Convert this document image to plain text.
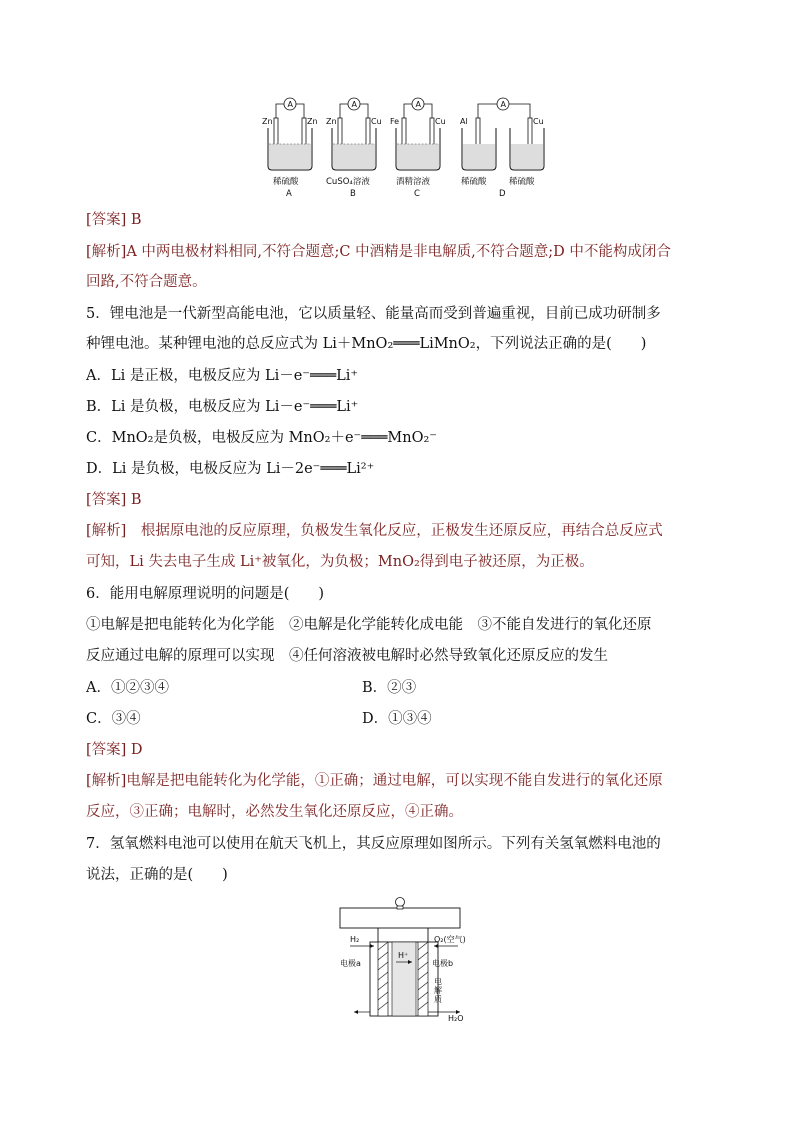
A
Zn	Zn
稀硫酸
A
A
Zn	Cu
CuSO₄溶液
B
A
Fe	Cu
酒精溶液
C
A
Al	Cu
稀硫酸	稀硫酸
D
[答案] B
[解析]A 中两电极材料相同,不符合题意;C 中酒精是非电解质,不符合题意;D 中不能构成闭合
回路,不符合题意。
5．锂电池是一代新型高能电池，它以质量轻、能量高而受到普遍重视，目前已成功研制多
种锂电池。某种锂电池的总反应式为 Li＋MnO₂═══LiMnO₂，下列说法正确的是(　　)
A．Li 是正极，电极反应为 Li－e⁻═══Li⁺
B．Li 是负极，电极反应为 Li－e⁻═══Li⁺
C．MnO₂是负极，电极反应为 MnO₂＋e⁻═══MnO₂⁻
D．Li 是负极，电极反应为 Li－2e⁻═══Li²⁺
[答案] B
[解析]　根据原电池的反应原理，负极发生氧化反应，正极发生还原反应，再结合总反应式
可知，Li 失去电子生成 Li⁺被氧化，为负极；MnO₂得到电子被还原，为正极。
6．能用电解原理说明的问题是(　　)
①电解是把电能转化为化学能　②电解是化学能转化成电能　③不能自发进行的氧化还原
反应通过电解的原理可以实现　④任何溶液被电解时必然导致氧化还原反应的发生
A．①②③④	B．②③
C．③④	D．①③④
[答案] D
[解析]电解是把电能转化为化学能，①正确；通过电解，可以实现不能自发进行的氧化还原
反应，③正确；电解时，必然发生氧化还原反应，④正确。
7．氢氧燃料电池可以使用在航天飞机上，其反应原理如图所示。下列有关氢氧燃料电池的
说法，正确的是(　　)
H₂	O₂(空气)
H⁺
电极a	电极b
电
解
质
H₂O
